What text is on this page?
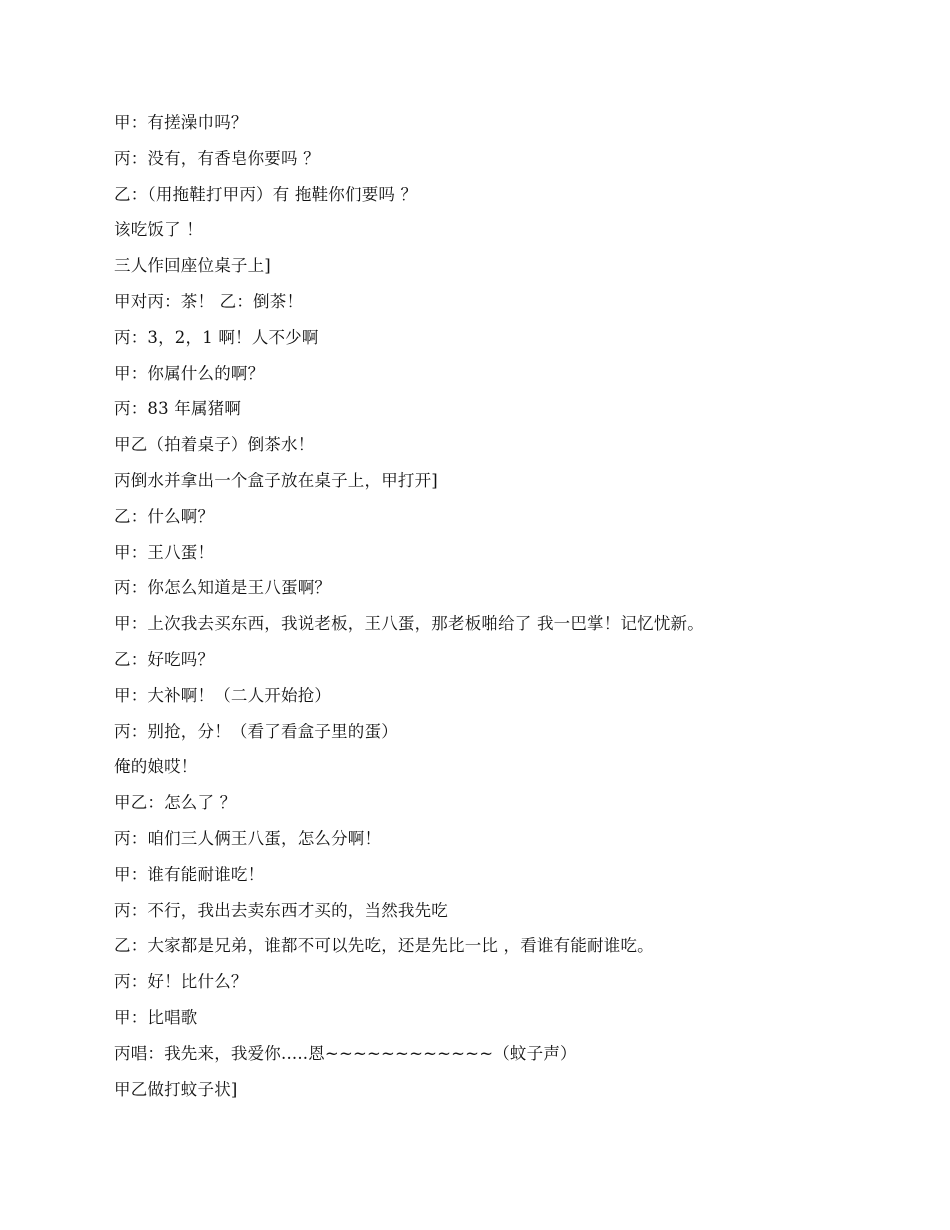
甲：有搓澡巾吗？
丙：没有，有香皂你要吗 ？
乙：（用拖鞋打甲丙）有 拖鞋你们要吗 ？
该吃饭了 ！
三人作回座位桌子上]
甲对丙：茶！ 乙：倒茶！
丙：3，2，1 啊！人不少啊
甲：你属什么的啊？
丙：83 年属猪啊
甲乙（拍着桌子）倒茶水！
丙倒水并拿出一个盒子放在桌子上，甲打开]
乙：什么啊？
甲：王八蛋！
丙：你怎么知道是王八蛋啊？
甲：上次我去买东西，我说老板，王八蛋，那老板啪给了 我一巴掌！记忆忧新。
乙：好吃吗？
甲：大补啊！（二人开始抢）
丙：别抢，分！（看了看盒子里的蛋）
俺的娘哎！
甲乙：怎么了 ？
丙：咱们三人俩王八蛋，怎么分啊！
甲：谁有能耐谁吃！
丙：不行，我出去卖东西才买的，当然我先吃
乙：大家都是兄弟，谁都不可以先吃，还是先比一比 ，看谁有能耐谁吃。
丙：好！比什么？
甲：比唱歌
丙唱：我先来，我爱你.....恩~~~~~~~~~~~~（蚊子声）
甲乙做打蚊子状]
